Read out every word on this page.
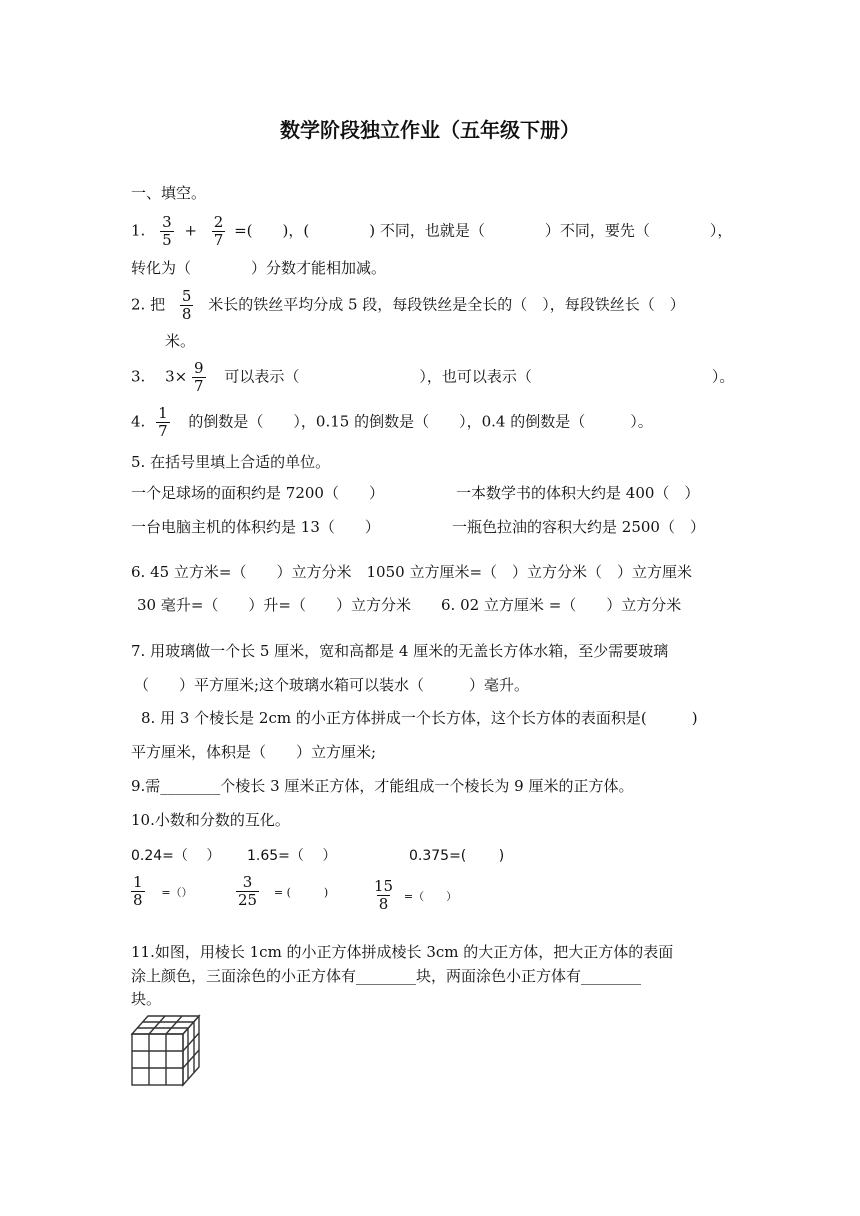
数学阶段独立作业（五年级下册）
一、填空。
1. $\frac{3}{5} + \frac{2}{7}$ =(　　)，(　　　　) 不同，也就是（　　　　）不同，要先（　　　　），
转化为（　　　　）分数才能相加减。
2. 把 $\frac{5}{8}$ 米长的铁丝平均分成 5 段，每段铁丝是全长的（　），每段铁丝长（　）
米。
3.　 $3\times \frac{9}{7}$ 可以表示（　　　　　　　　），也可以表示（　　　　　　　　　　　　）。
4. $\frac{1}{7}$ 的倒数是（　　），0.15 的倒数是（　　），0.4 的倒数是（　　　）。
5. 在括号里填上合适的单位。
一个足球场的面积约是 7200（　　）	一本数学书的体积大约是 400（　）
一台电脑主机的体积约是 13（　　）	一瓶色拉油的容积大约是 2500（　）
6. 45 立方米=（　　）立方分米　1050 立方厘米=（　）立方分米（　）立方厘米
30 毫升=（　　）升=（　　）立方分米　　6. 02 立方厘米 =（　　）立方分米
7. 用玻璃做一个长 5 厘米，宽和高都是 4 厘米的无盖长方体水箱，至少需要玻璃
（　　）平方厘米;这个玻璃水箱可以装水（　　　）毫升。
8. 用 3 个棱长是 2cm 的小正方体拼成一个长方体，这个长方体的表面积是(　　　)
平方厘米，体积是（　　）立方厘米;
9.需________个棱长 3 厘米正方体，才能组成一个棱长为 9 厘米的正方体。
10.小数和分数的互化。
0.24=（　 ） 1.65=（　 ）	0.375=(　　 )
$\frac{1}{8}$ =（）	$\frac{3}{25}$ = (　　　)	$\frac{15}{8}$ =（　　）
11.如图，用棱长 1cm 的小正方体拼成棱长 3cm 的大正方体，把大正方体的表面
涂上颜色，三面涂色的小正方体有________块，两面涂色小正方体有________
块。
